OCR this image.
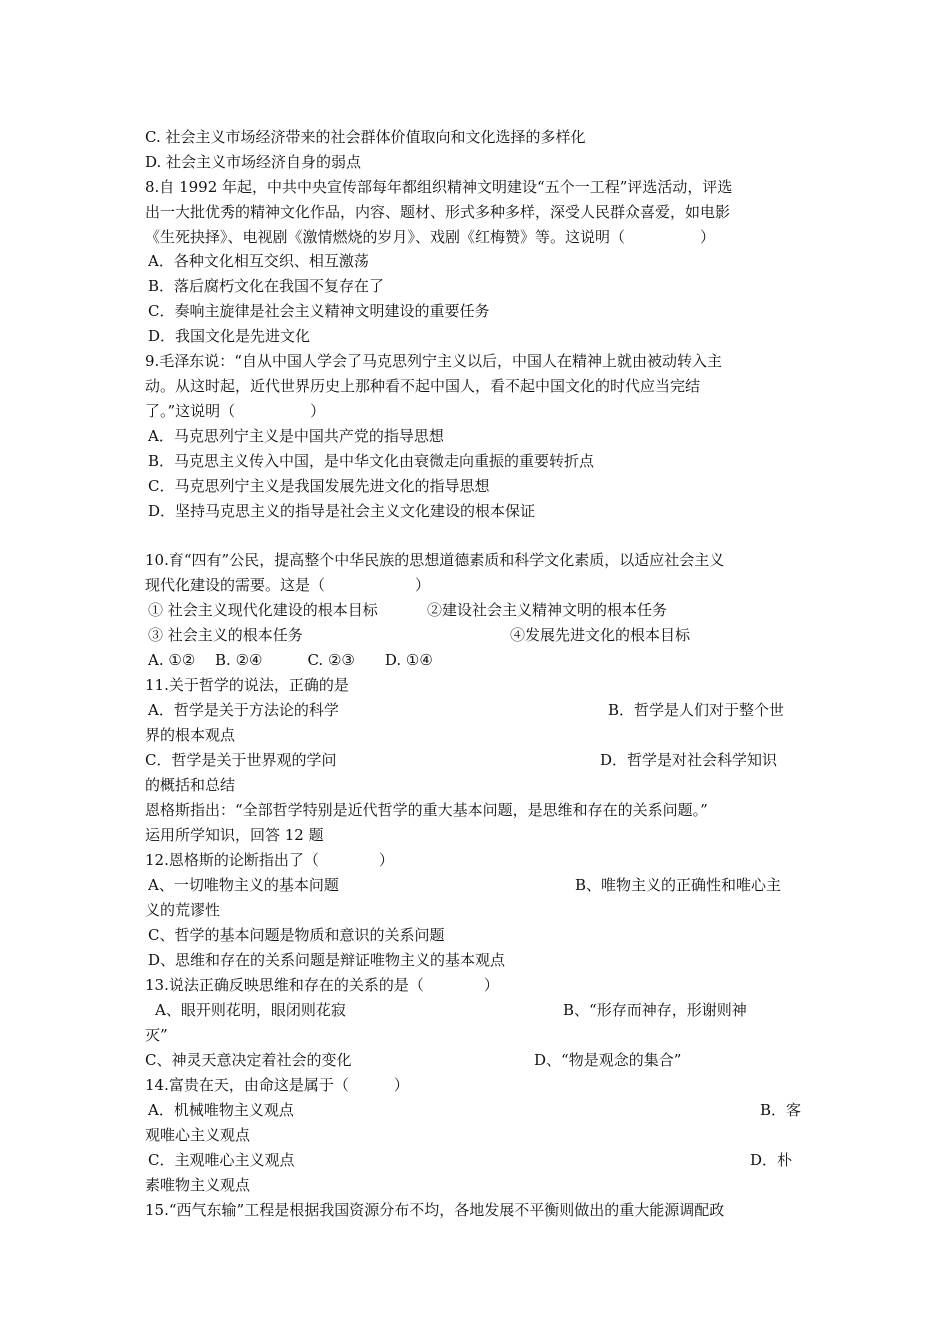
C. 社会主义市场经济带来的社会群体价值取向和文化选择的多样化
D. 社会主义市场经济自身的弱点
8.自 1992 年起，中共中央宣传部每年都组织精神文明建设“五个一工程”评选活动，评选
出一大批优秀的精神文化作品，内容、题材、形式多种多样，深受人民群众喜爱，如电影
《生死抉择》、电视剧《激情燃烧的岁月》、戏剧《红梅赞》等。这说明（　　　　　）
A．各种文化相互交织、相互激荡
B．落后腐朽文化在我国不复存在了
C．奏响主旋律是社会主义精神文明建设的重要任务
D．我国文化是先进文化
9.毛泽东说：“自从中国人学会了马克思列宁主义以后，中国人在精神上就由被动转入主
动。从这时起，近代世界历史上那种看不起中国人，看不起中国文化的时代应当完结
了。”这说明（　　　　　）
A．马克思列宁主义是中国共产党的指导思想
B．马克思主义传入中国，是中华文化由衰微走向重振的重要转折点
C．马克思列宁主义是我国发展先进文化的指导思想
D．坚持马克思主义的指导是社会主义文化建设的根本保证
10.育“四有”公民，提高整个中华民族的思想道德素质和科学文化素质，以适应社会主义
现代化建设的需要。这是（　　　　　　）
① 社会主义现代化建设的根本目标	②建设社会主义精神文明的根本任务
③ 社会主义的根本任务	④发展先进文化的根本目标
A. ①②　 B. ②④　　　C. ②③　　D. ①④
11.关于哲学的说法，正确的是
A．哲学是关于方法论的科学	B．哲学是人们对于整个世
界的根本观点
C．哲学是关于世界观的学问	D．哲学是对社会科学知识
的概括和总结
恩格斯指出：“全部哲学特别是近代哲学的重大基本问题，是思维和存在的关系问题。”
运用所学知识，回答 12 题
12.恩格斯的论断指出了（　　　　）
A、一切唯物主义的基本问题	B、唯物主义的正确性和唯心主
义的荒谬性
C、哲学的基本问题是物质和意识的关系问题
D、思维和存在的关系问题是辩证唯物主义的基本观点
13.说法正确反映思维和存在的关系的是（　　　　）
A、眼开则花明，眼闭则花寂	B、“形存而神存，形谢则神
灭”
C、神灵天意决定着社会的变化	D、“物是观念的集合”
14.富贵在天，由命这是属于（　　　）
A．机械唯物主义观点	B．客
观唯心主义观点
C．主观唯心主义观点	D．朴
素唯物主义观点
15.“西气东输”工程是根据我国资源分布不均，各地发展不平衡则做出的重大能源调配政
